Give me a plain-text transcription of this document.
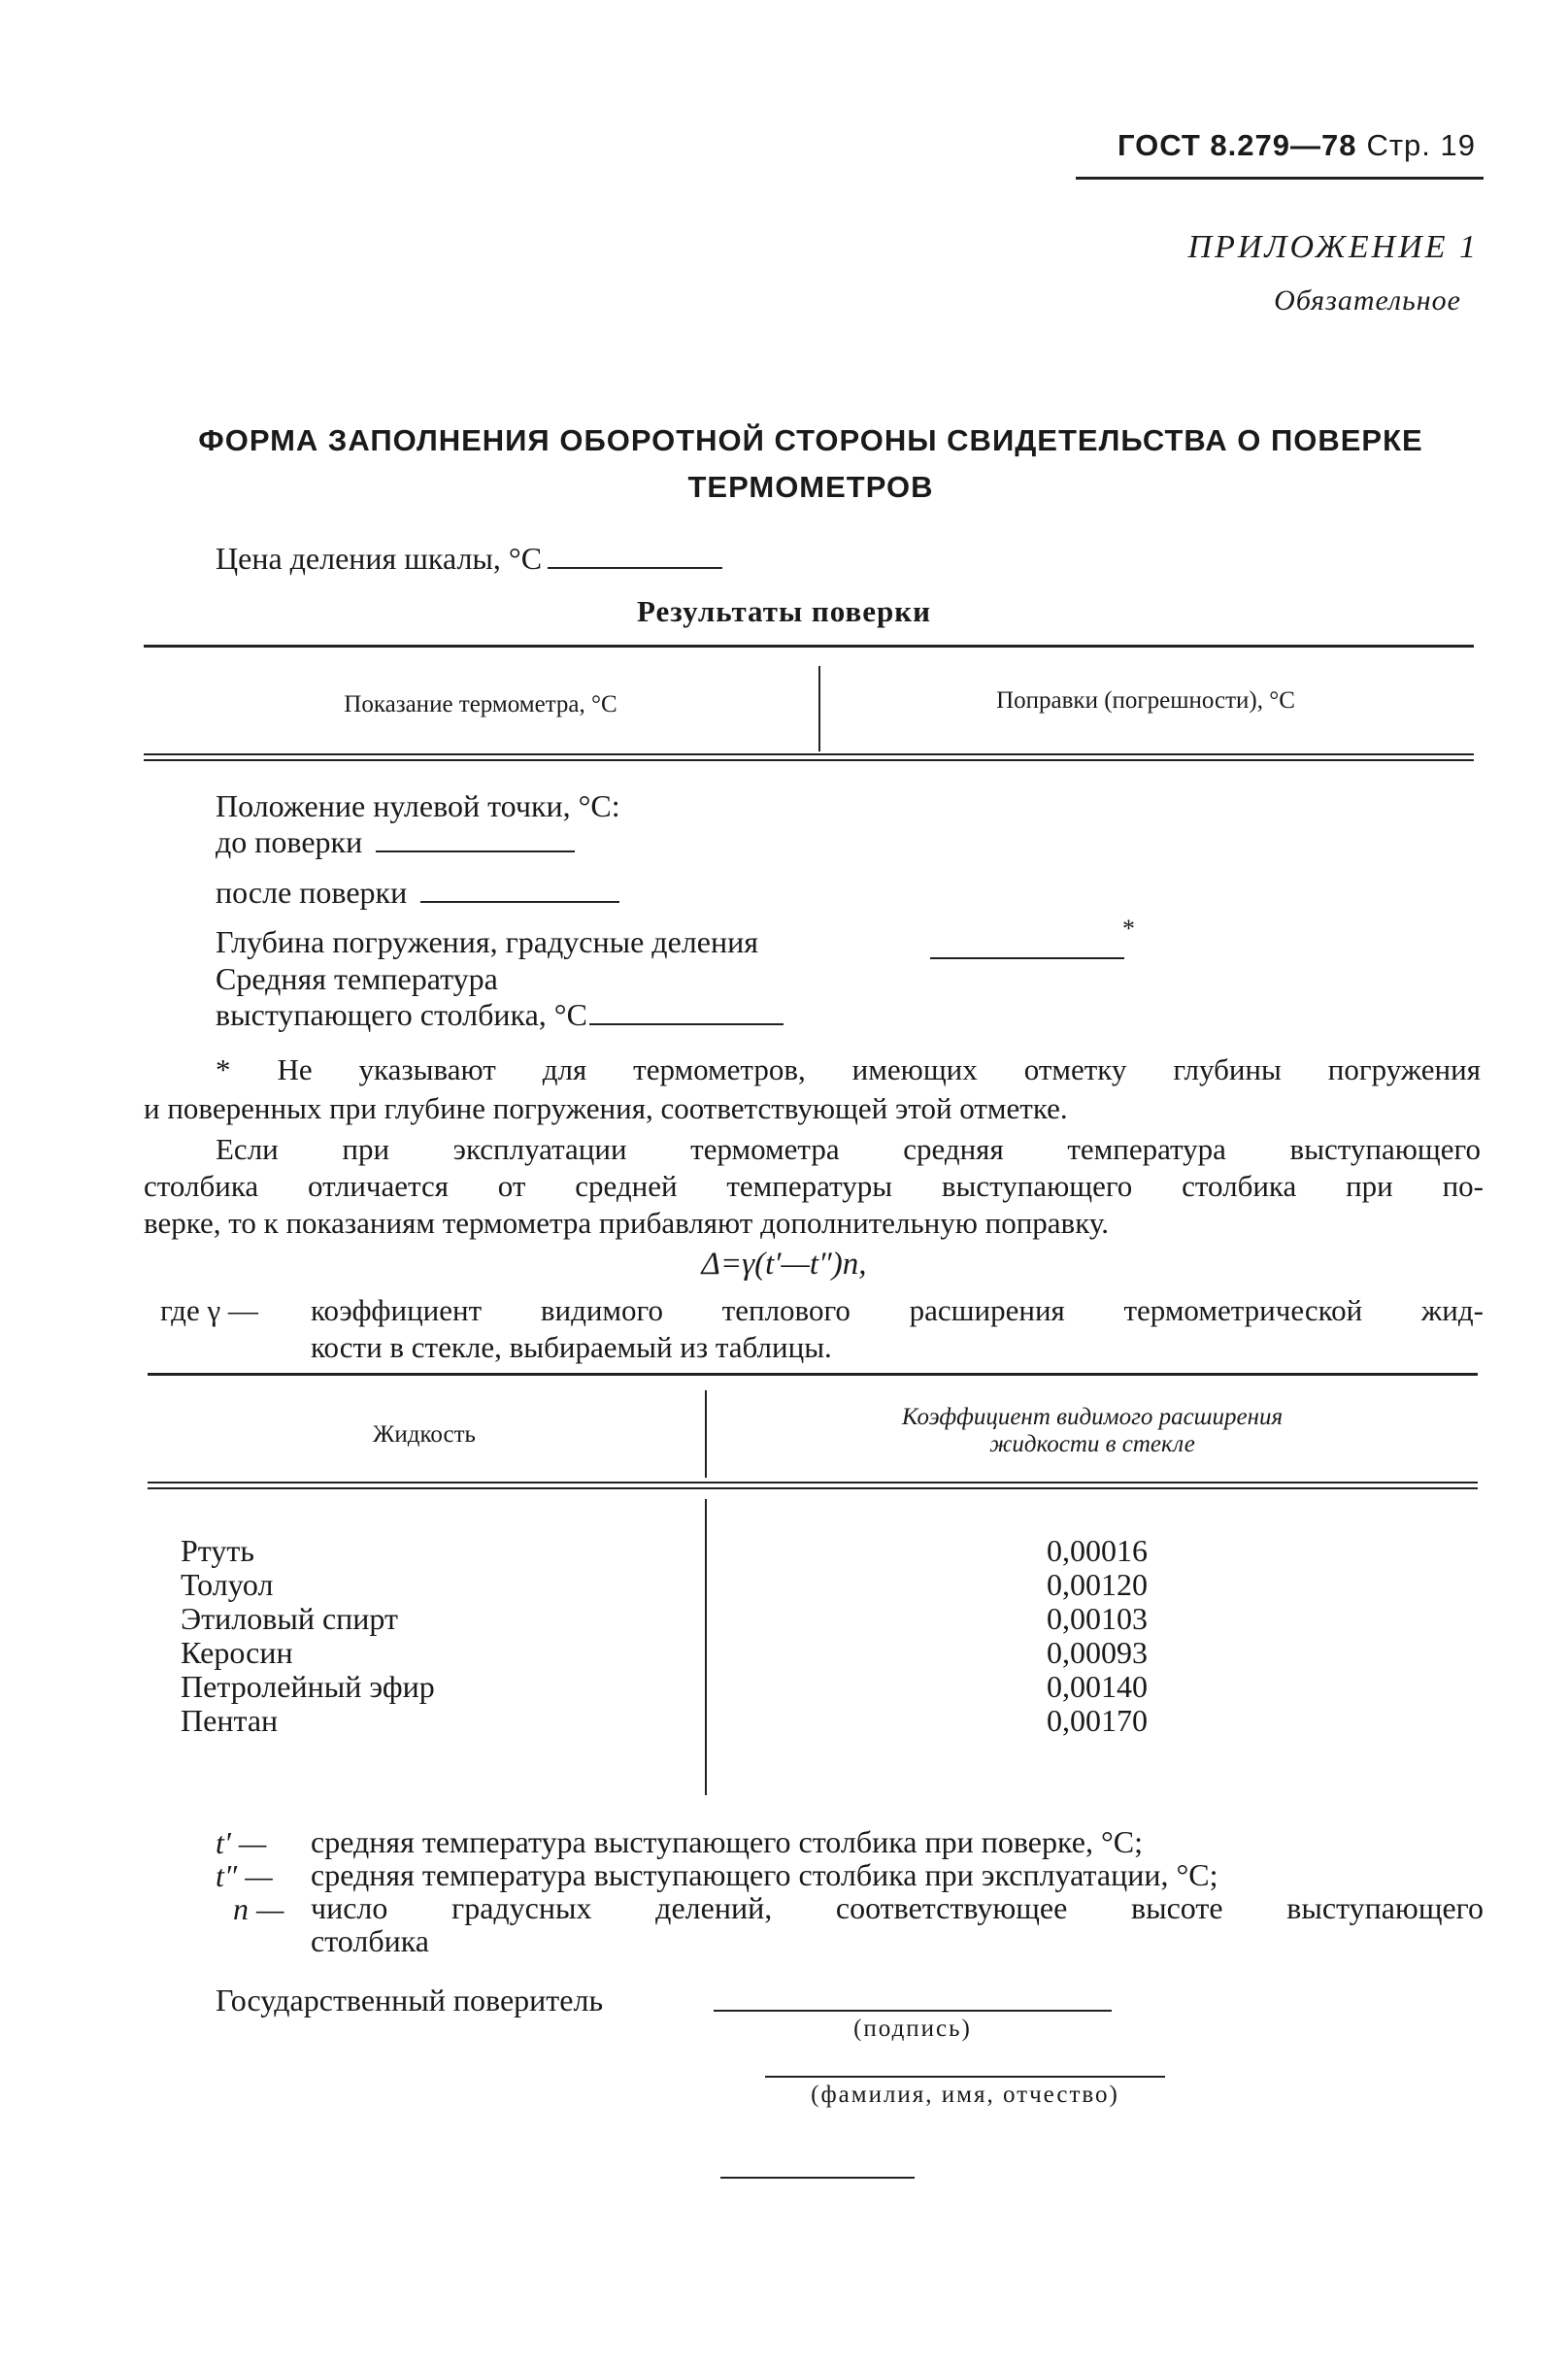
ГОСТ 8.279—78 Стр. 19
ПРИЛОЖЕНИЕ 1
Обязательное
ФОРМА ЗАПОЛНЕНИЯ ОБОРОТНОЙ СТОРОНЫ СВИДЕТЕЛЬСТВА О ПОВЕРКЕ
ТЕРМОМЕТРОВ
Цена деления шкалы, °С
Результаты поверки
Показание термометра, °С	Поправки (погрешности), °С
Положение нулевой точки, °С:
до поверки
после поверки
Глубина погружения, градусные деления	*
Средняя температура
выступающего столбика, °С
* Не указывают для термометров, имеющих отметку глубины погружения
и поверенных при глубине погружения, соответствующей этой отметке.
Если при эксплуатации термометра средняя температура выступающего
столбика отличается от средней температуры выступающего столбика при по-
верке, то к показаниям термометра прибавляют дополнительную поправку.
Δ=γ(t′—t″)n,
где γ — коэффициент видимого теплового расширения термометрической жид-
кости в стекле, выбираемый из таблицы.
Жидкость
Коэффициент видимого расширения
жидкости в стекле
Ртуть
Толуол
Этиловый спирт
Керосин
Петролейный эфир
Пентан
0,00016
0,00120
0,00103
0,00093
0,00140
0,00170
t′ — средняя температура выступающего столбика при поверке, °С;
t″ — средняя температура выступающего столбика при эксплуатации, °С;
n — число градусных делений, соответствующее высоте выступающего
столбика
Государственный поверитель
(подпись)
(фамилия, имя, отчество)
